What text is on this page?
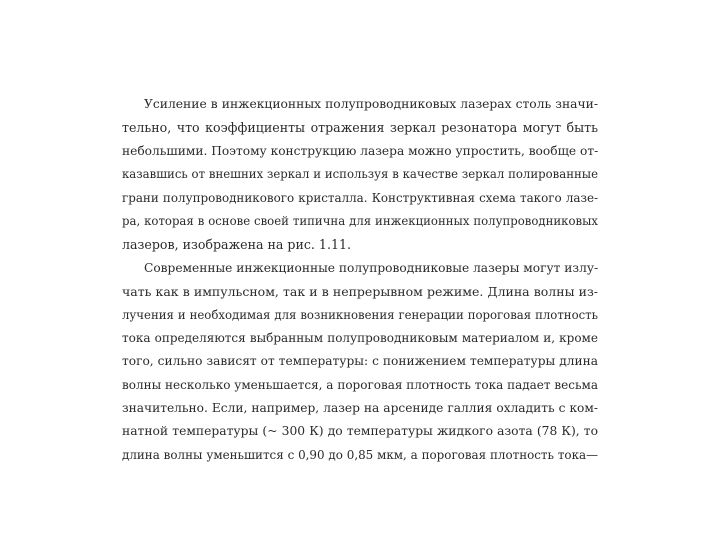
Усиление в инжекционных полупроводниковых лазерах столь значи-
тельно, что коэффициенты отражения зеркал резонатора могут быть
небольшими. Поэтому конструкцию лазера можно упростить, вообще от-
казавшись от внешних зеркал и используя в качестве зеркал полированные
грани полупроводникового кристалла. Конструктивная схема такого лазе-
ра, которая в основе своей типична для инжекционных полупроводниковых
лазеров, изображена на рис. 1.11.
Современные инжекционные полупроводниковые лазеры могут излу-
чать как в импульсном, так и в непрерывном режиме. Длина волны из-
лучения и необходимая для возникновения генерации пороговая плотность
тока определяются выбранным полупроводниковым материалом и, кроме
того, сильно зависят от температуры: с понижением температуры длина
волны несколько уменьшается, а пороговая плотность тока падает весьма
значительно. Если, например, лазер на арсениде галлия охладить с ком-
натной температуры (~ 300 К) до температуры жидкого азота (78 К), то
длина волны уменьшится с 0,90 до 0,85 мкм, а пороговая плотность тока—
